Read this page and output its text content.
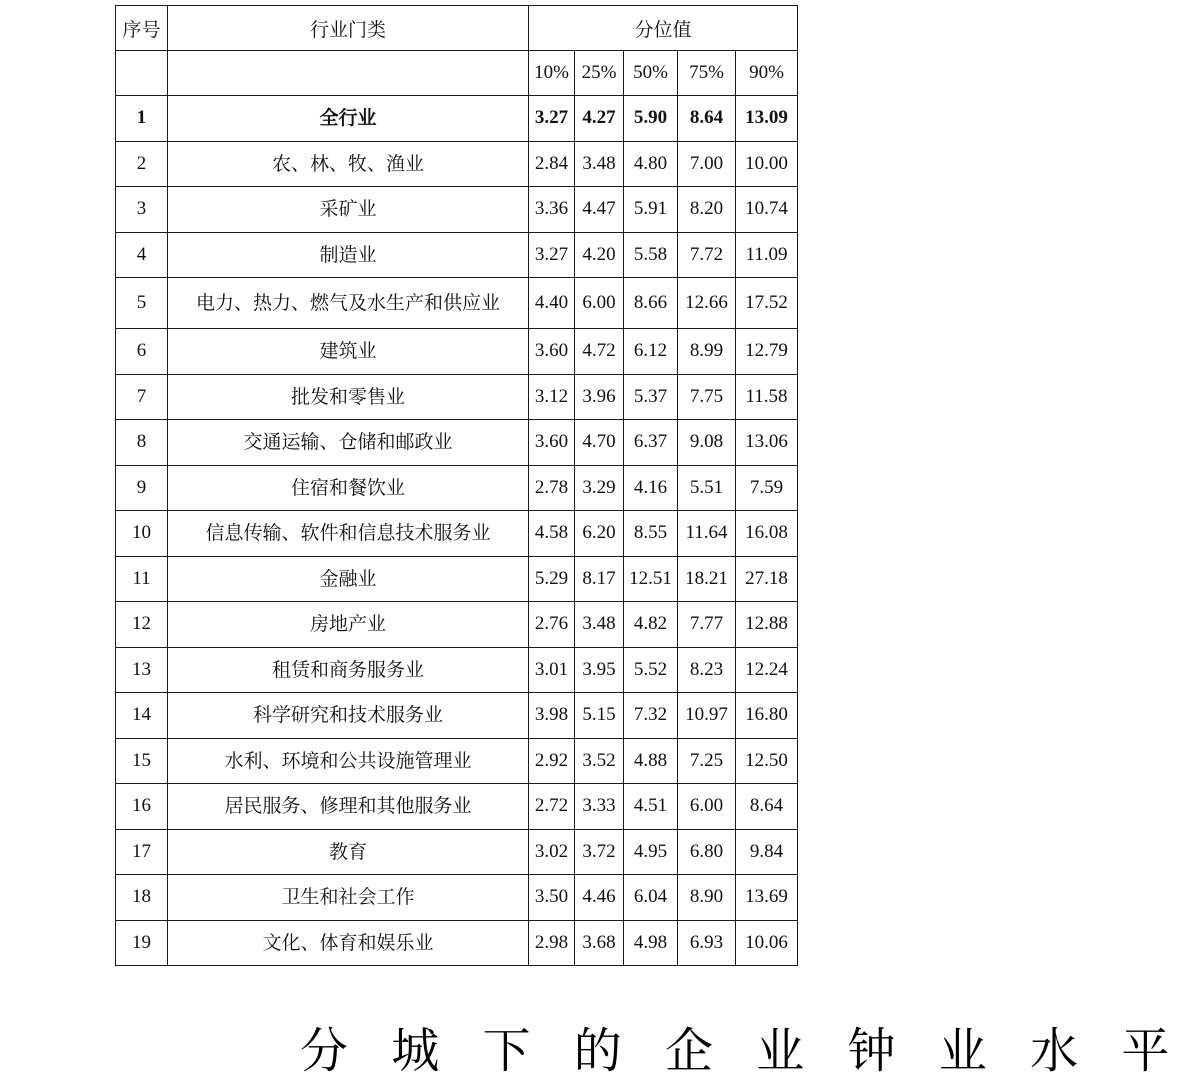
序号	行业门类	分位值				
		10%	25%	50%	75%	90%
1	全行业	3.27	4.27	5.90	8.64	13.09
2	农、林、牧、渔业	2.84	3.48	4.80	7.00	10.00
3	采矿业	3.36	4.47	5.91	8.20	10.74
4	制造业	3.27	4.20	5.58	7.72	11.09
5	电力、热力、燃气及水生产和供应业	4.40	6.00	8.66	12.66	17.52
6	建筑业	3.60	4.72	6.12	8.99	12.79
7	批发和零售业	3.12	3.96	5.37	7.75	11.58
8	交通运输、仓储和邮政业	3.60	4.70	6.37	9.08	13.06
9	住宿和餐饮业	2.78	3.29	4.16	5.51	7.59
10	信息传输、软件和信息技术服务业	4.58	6.20	8.55	11.64	16.08
11	金融业	5.29	8.17	12.51	18.21	27.18
12	房地产业	2.76	3.48	4.82	7.77	12.88
13	租赁和商务服务业	3.01	3.95	5.52	8.23	12.24
14	科学研究和技术服务业	3.98	5.15	7.32	10.97	16.80
15	水利、环境和公共设施管理业	2.92	3.52	4.88	7.25	12.50
16	居民服务、修理和其他服务业	2.72	3.33	4.51	6.00	8.64
17	教育	3.02	3.72	4.95	6.80	9.84
18	卫生和社会工作	3.50	4.46	6.04	8.90	13.69
19	文化、体育和娱乐业	2.98	3.68	4.98	6.93	10.06
分 城 下 的 企 业 钟 业 水 平
